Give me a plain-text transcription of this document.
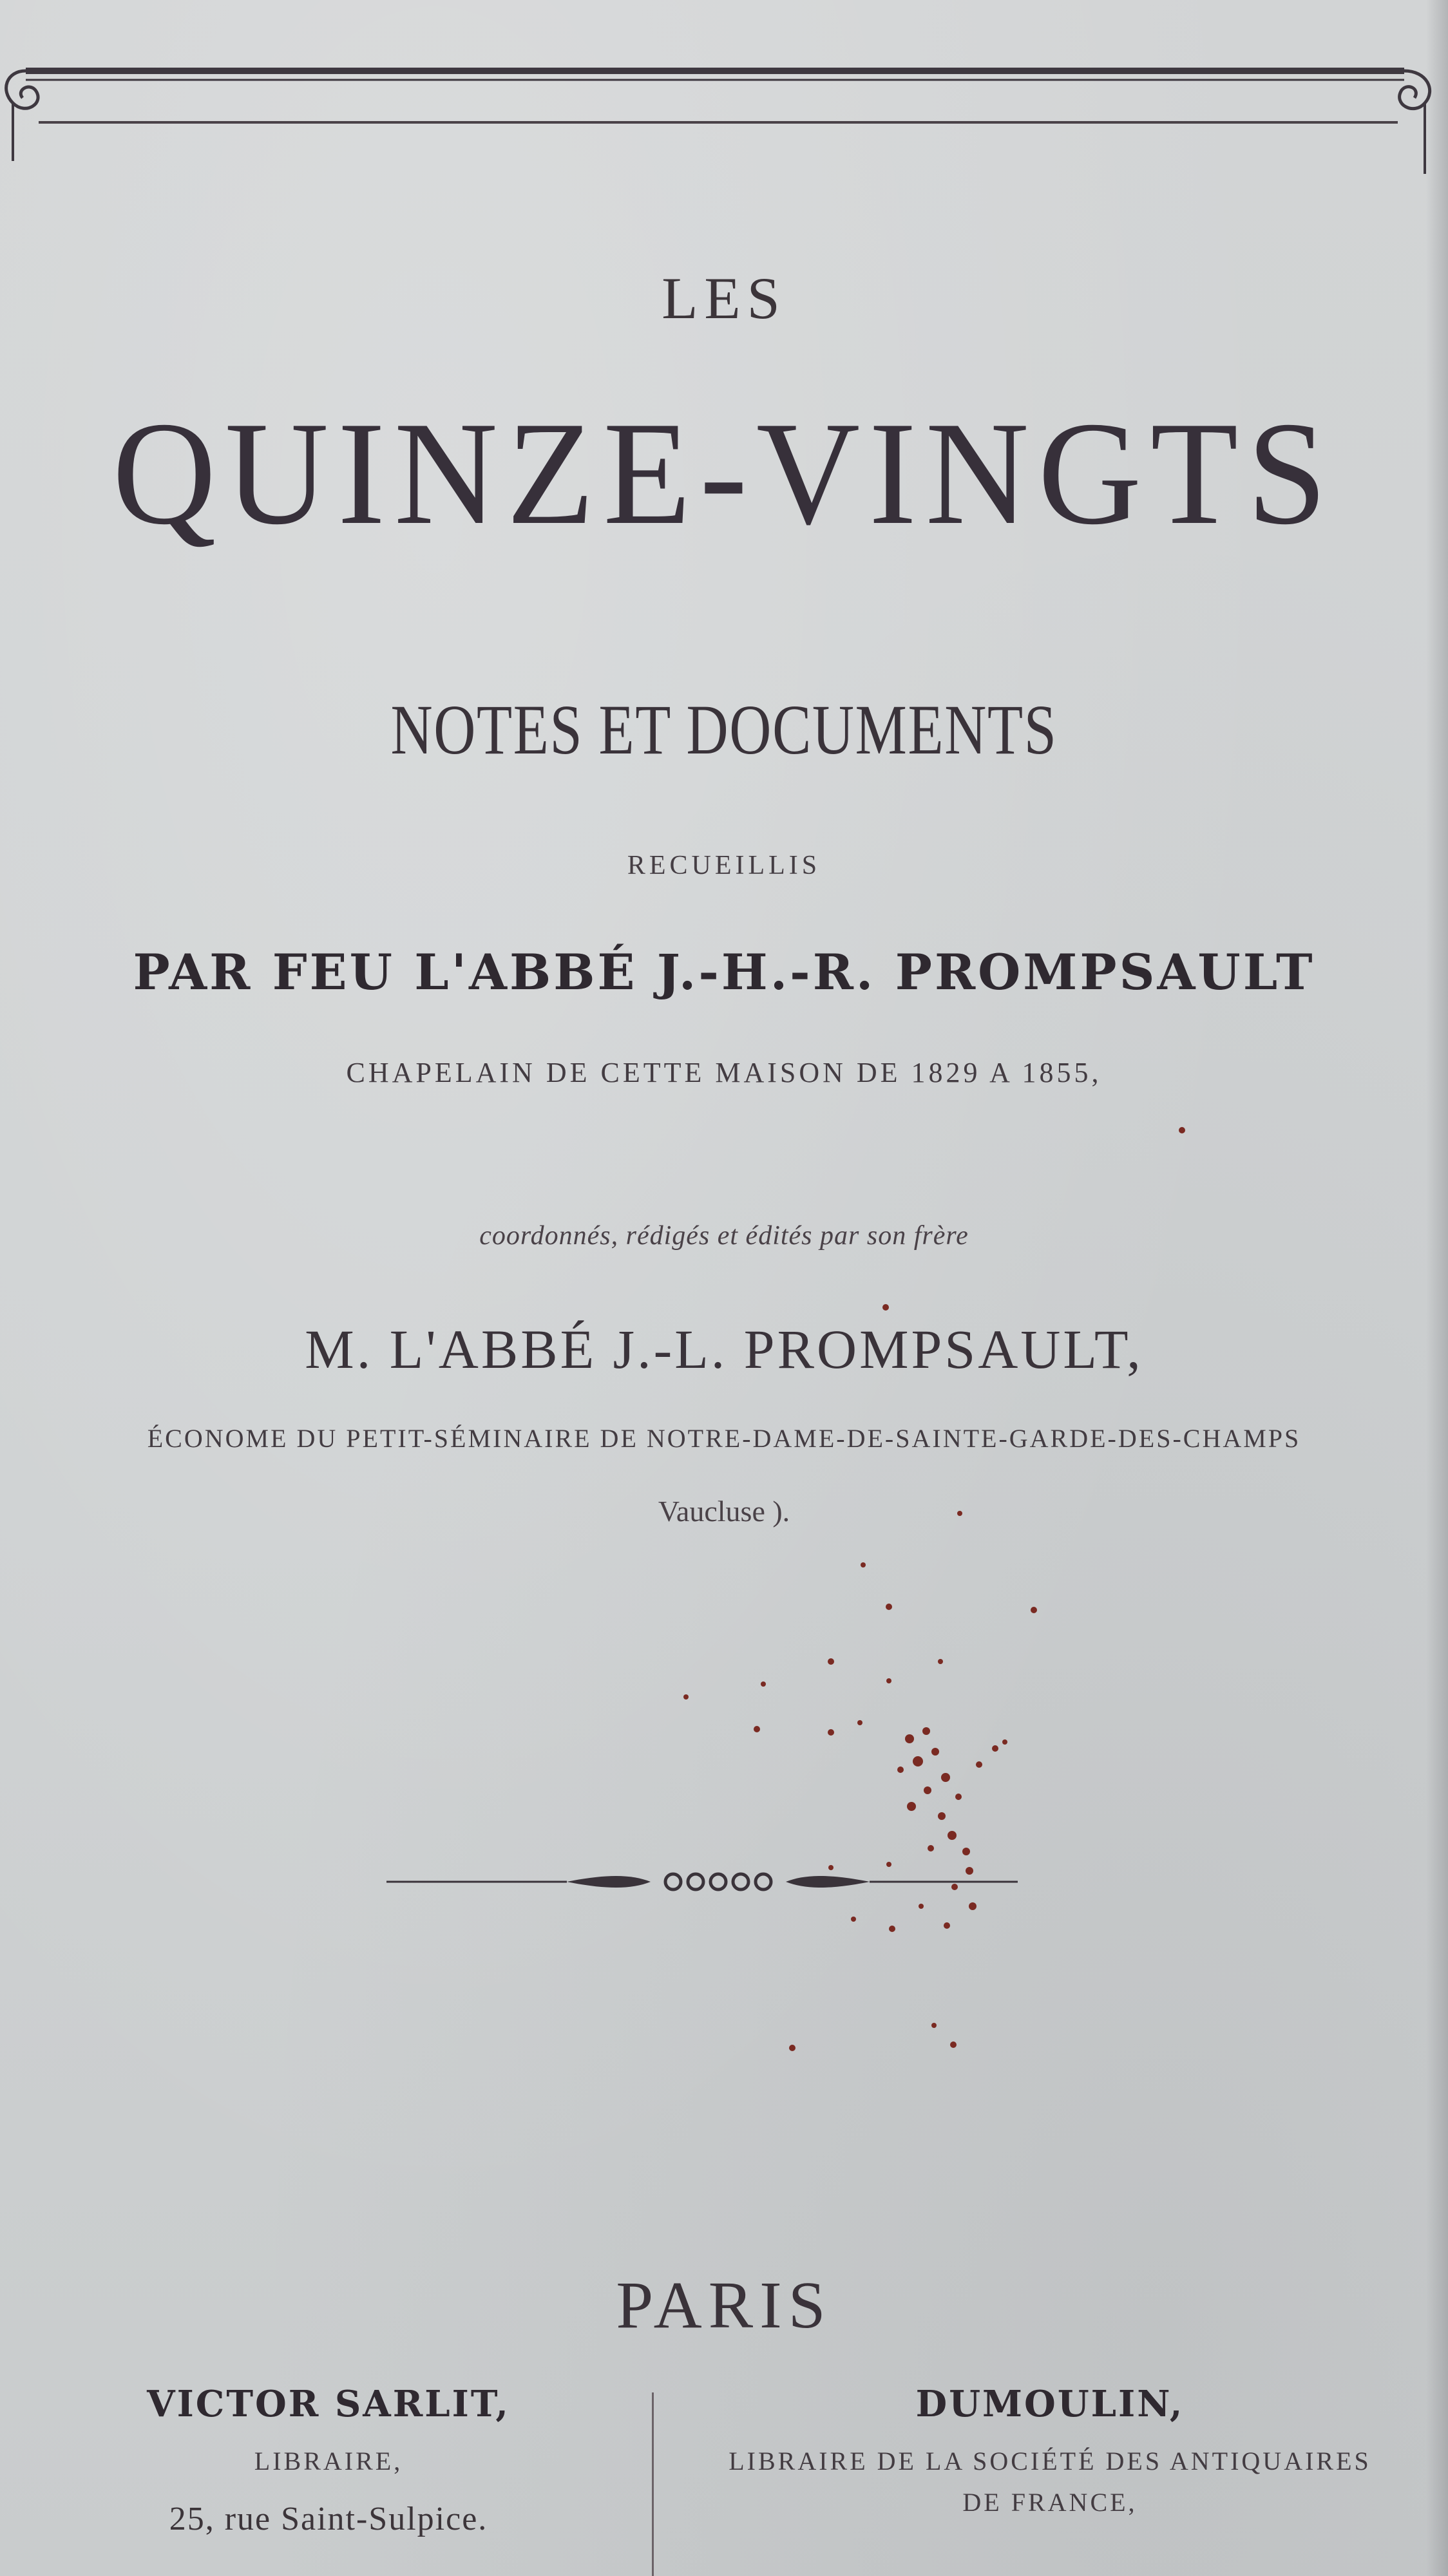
LES
QUINZE-VINGTS
NOTES ET DOCUMENTS
RECUEILLIS
PAR FEU L'ABBÉ J.-H.-R. PROMPSAULT
CHAPELAIN DE CETTE MAISON DE 1829 A 1855,
coordonnés, rédigés et édités par son frère
M. L'ABBÉ J.-L. PROMPSAULT,
ÉCONOME DU PETIT-SÉMINAIRE DE NOTRE-DAME-DE-SAINTE-GARDE-DES-CHAMPS
Vaucluse ).
PARIS
VICTOR SARLIT,
LIBRAIRE,
25, rue Saint-Sulpice.
DUMOULIN,
LIBRAIRE DE LA SOCIÉTÉ DES ANTIQUAIRES
DE FRANCE,
